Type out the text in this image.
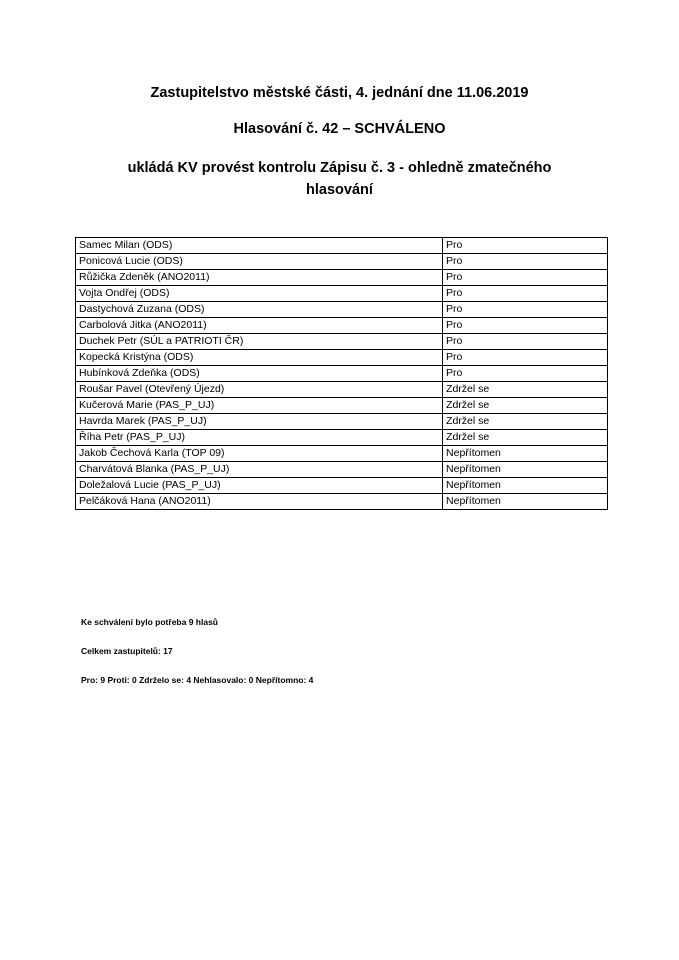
Zastupitelstvo městské části, 4. jednání dne 11.06.2019
Hlasování č. 42 – SCHVÁLENO
ukládá KV provést kontrolu Zápisu č. 3 - ohledně zmatečného
hlasování
Samec Milan (ODS)	Pro
Ponicová Lucie (ODS)	Pro
Růžička Zdeněk (ANO2011)	Pro
Vojta Ondřej (ODS)	Pro
Dastychová Zuzana (ODS)	Pro
Carbolová Jitka (ANO2011)	Pro
Duchek Petr (SÚL a PATRIOTI ČR)	Pro
Kopecká Kristýna (ODS)	Pro
Hubínková Zdeňka (ODS)	Pro
Roušar Pavel (Otevřený Újezd)	Zdržel se
Kučerová Marie (PAS_P_UJ)	Zdržel se
Havrda Marek (PAS_P_UJ)	Zdržel se
Říha Petr (PAS_P_UJ)	Zdržel se
Jakob Čechová Karla (TOP 09)	Nepřítomen
Charvátová Blanka (PAS_P_UJ)	Nepřítomen
Doležalová Lucie (PAS_P_UJ)	Nepřítomen
Pelčáková Hana (ANO2011)	Nepřítomen
Ke schválení bylo potřeba 9 hlasů
Celkem zastupitelů: 17
Pro: 9 Proti: 0 Zdrželo se: 4 Nehlasovalo: 0 Nepřítomno: 4
